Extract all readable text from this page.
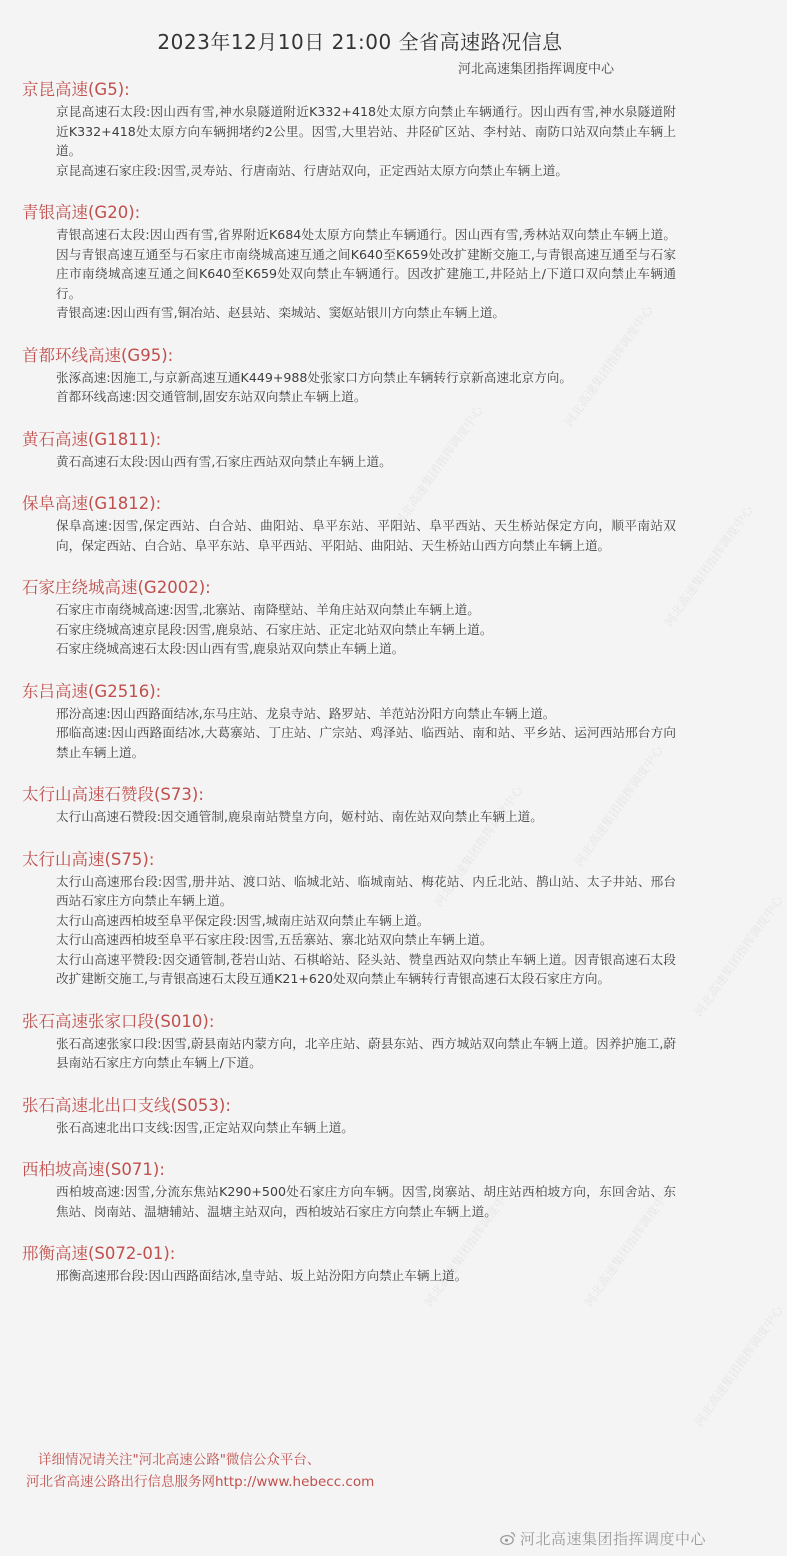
河北高速集团指挥调度中心
河北高速集团指挥调度中心
河北高速集团指挥调度中心
河北高速集团指挥调度中心	河北高速集团指挥调度中心
河北高速集团指挥调度中心
河北高速集团指挥调度中心	河北高速集团指挥调度中心
河北高速集团指挥调度中心
2023年12月10日 21:00 全省高速路况信息
河北高速集团指挥调度中心
京昆高速(G5):
京昆高速石太段:因山西有雪,神水泉隧道附近K332+418处太原方向禁止车辆通行。因山西有雪,神水泉隧道附近K332+418处太原方向车辆拥堵约2公里。因雪,大里岩站、井陉矿区站、李村站、南防口站双向禁止车辆上道。
京昆高速石家庄段:因雪,灵寿站、行唐南站、行唐站双向，正定西站太原方向禁止车辆上道。
青银高速(G20):
青银高速石太段:因山西有雪,省界附近K684处太原方向禁止车辆通行。因山西有雪,秀林站双向禁止车辆上道。因与青银高速互通至与石家庄市南绕城高速互通之间K640至K659处改扩建断交施工,与青银高速互通至与石家庄市南绕城高速互通之间K640至K659处双向禁止车辆通行。因改扩建施工,井陉站上/下道口双向禁止车辆通行。
青银高速:因山西有雪,铜冶站、赵县站、栾城站、窦妪站银川方向禁止车辆上道。
首都环线高速(G95):
张涿高速:因施工,与京新高速互通K449+988处张家口方向禁止车辆转行京新高速北京方向。
首都环线高速:因交通管制,固安东站双向禁止车辆上道。
黄石高速(G1811):
黄石高速石太段:因山西有雪,石家庄西站双向禁止车辆上道。
保阜高速(G1812):
保阜高速:因雪,保定西站、白合站、曲阳站、阜平东站、平阳站、阜平西站、天生桥站保定方向，顺平南站双向，保定西站、白合站、阜平东站、阜平西站、平阳站、曲阳站、天生桥站山西方向禁止车辆上道。
石家庄绕城高速(G2002):
石家庄市南绕城高速:因雪,北寨站、南降壁站、羊角庄站双向禁止车辆上道。
石家庄绕城高速京昆段:因雪,鹿泉站、石家庄站、正定北站双向禁止车辆上道。
石家庄绕城高速石太段:因山西有雪,鹿泉站双向禁止车辆上道。
东吕高速(G2516):
邢汾高速:因山西路面结冰,东马庄站、龙泉寺站、路罗站、羊范站汾阳方向禁止车辆上道。
邢临高速:因山西路面结冰,大葛寨站、丁庄站、广宗站、鸡泽站、临西站、南和站、平乡站、运河西站邢台方向禁止车辆上道。
太行山高速石赞段(S73):
太行山高速石赞段:因交通管制,鹿泉南站赞皇方向，姬村站、南佐站双向禁止车辆上道。
太行山高速(S75):
太行山高速邢台段:因雪,册井站、渡口站、临城北站、临城南站、梅花站、内丘北站、鹊山站、太子井站、邢台西站石家庄方向禁止车辆上道。
太行山高速西柏坡至阜平保定段:因雪,城南庄站双向禁止车辆上道。
太行山高速西柏坡至阜平石家庄段:因雪,五岳寨站、寨北站双向禁止车辆上道。
太行山高速平赞段:因交通管制,苍岩山站、石棋峪站、陉头站、赞皇西站双向禁止车辆上道。因青银高速石太段改扩建断交施工,与青银高速石太段互通K21+620处双向禁止车辆转行青银高速石太段石家庄方向。
张石高速张家口段(S010):
张石高速张家口段:因雪,蔚县南站内蒙方向，北辛庄站、蔚县东站、西方城站双向禁止车辆上道。因养护施工,蔚县南站石家庄方向禁止车辆上/下道。
张石高速北出口支线(S053):
张石高速北出口支线:因雪,正定站双向禁止车辆上道。
西柏坡高速(S071):
西柏坡高速:因雪,分流东焦站K290+500处石家庄方向车辆。因雪,岗寨站、胡庄站西柏坡方向，东回舍站、东焦站、岗南站、温塘辅站、温塘主站双向，西柏坡站石家庄方向禁止车辆上道。
邢衡高速(S072-01):
邢衡高速邢台段:因山西路面结冰,皇寺站、坂上站汾阳方向禁止车辆上道。
详细情况请关注"河北高速公路"微信公众平台、
河北省高速公路出行信息服务网http://www.hebecc.com
河北高速集团指挥调度中心
